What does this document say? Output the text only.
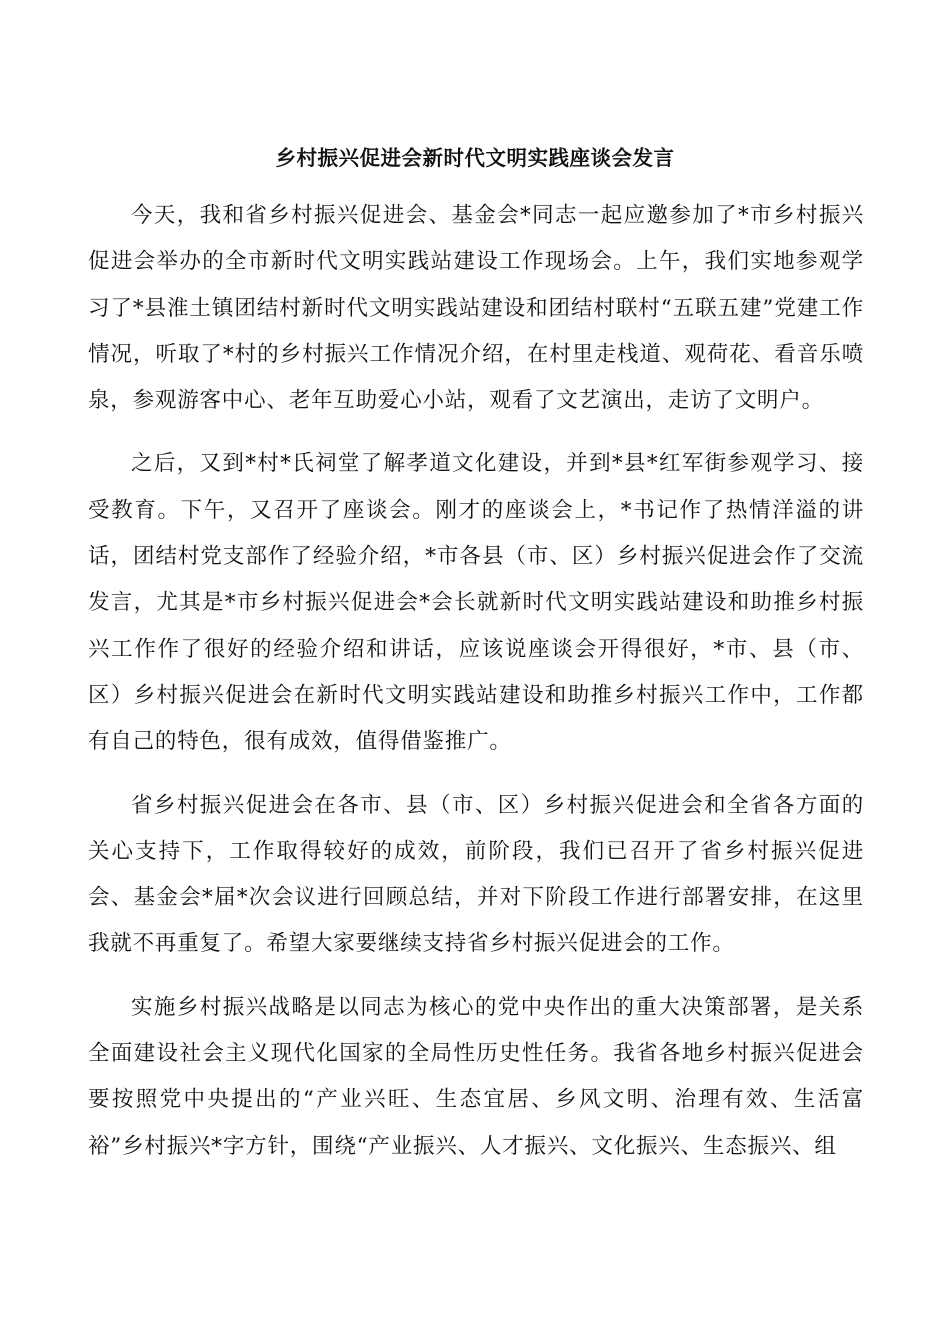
乡村振兴促进会新时代文明实践座谈会发言

今天，我和省乡村振兴促进会、基金会*同志一起应邀参加了*市乡村振兴促进会举办的全市新时代文明实践站建设工作现场会。上午，我们实地参观学习了*县淮土镇团结村新时代文明实践站建设和团结村联村“五联五建”党建工作情况，听取了*村的乡村振兴工作情况介绍，在村里走栈道、观荷花、看音乐喷泉，参观游客中心、老年互助爱心小站，观看了文艺演出，走访了文明户。

之后，又到*村*氏祠堂了解孝道文化建设，并到*县*红军街参观学习、接受教育。下午，又召开了座谈会。刚才的座谈会上，*书记作了热情洋溢的讲话，团结村党支部作了经验介绍，*市各县（市、区）乡村振兴促进会作了交流发言，尤其是*市乡村振兴促进会*会长就新时代文明实践站建设和助推乡村振兴工作作了很好的经验介绍和讲话，应该说座谈会开得很好，*市、县（市、区）乡村振兴促进会在新时代文明实践站建设和助推乡村振兴工作中，工作都有自己的特色，很有成效，值得借鉴推广。

省乡村振兴促进会在各市、县（市、区）乡村振兴促进会和全省各方面的关心支持下，工作取得较好的成效，前阶段，我们已召开了省乡村振兴促进会、基金会*届*次会议进行回顾总结，并对下阶段工作进行部署安排，在这里我就不再重复了。希望大家要继续支持省乡村振兴促进会的工作。

实施乡村振兴战略是以同志为核心的党中央作出的重大决策部署，是关系全面建设社会主义现代化国家的全局性历史性任务。我省各地乡村振兴促进会要按照党中央提出的“产业兴旺、生态宜居、乡风文明、治理有效、生活富裕”乡村振兴*字方针，围绕“产业振兴、人才振兴、文化振兴、生态振兴、组
